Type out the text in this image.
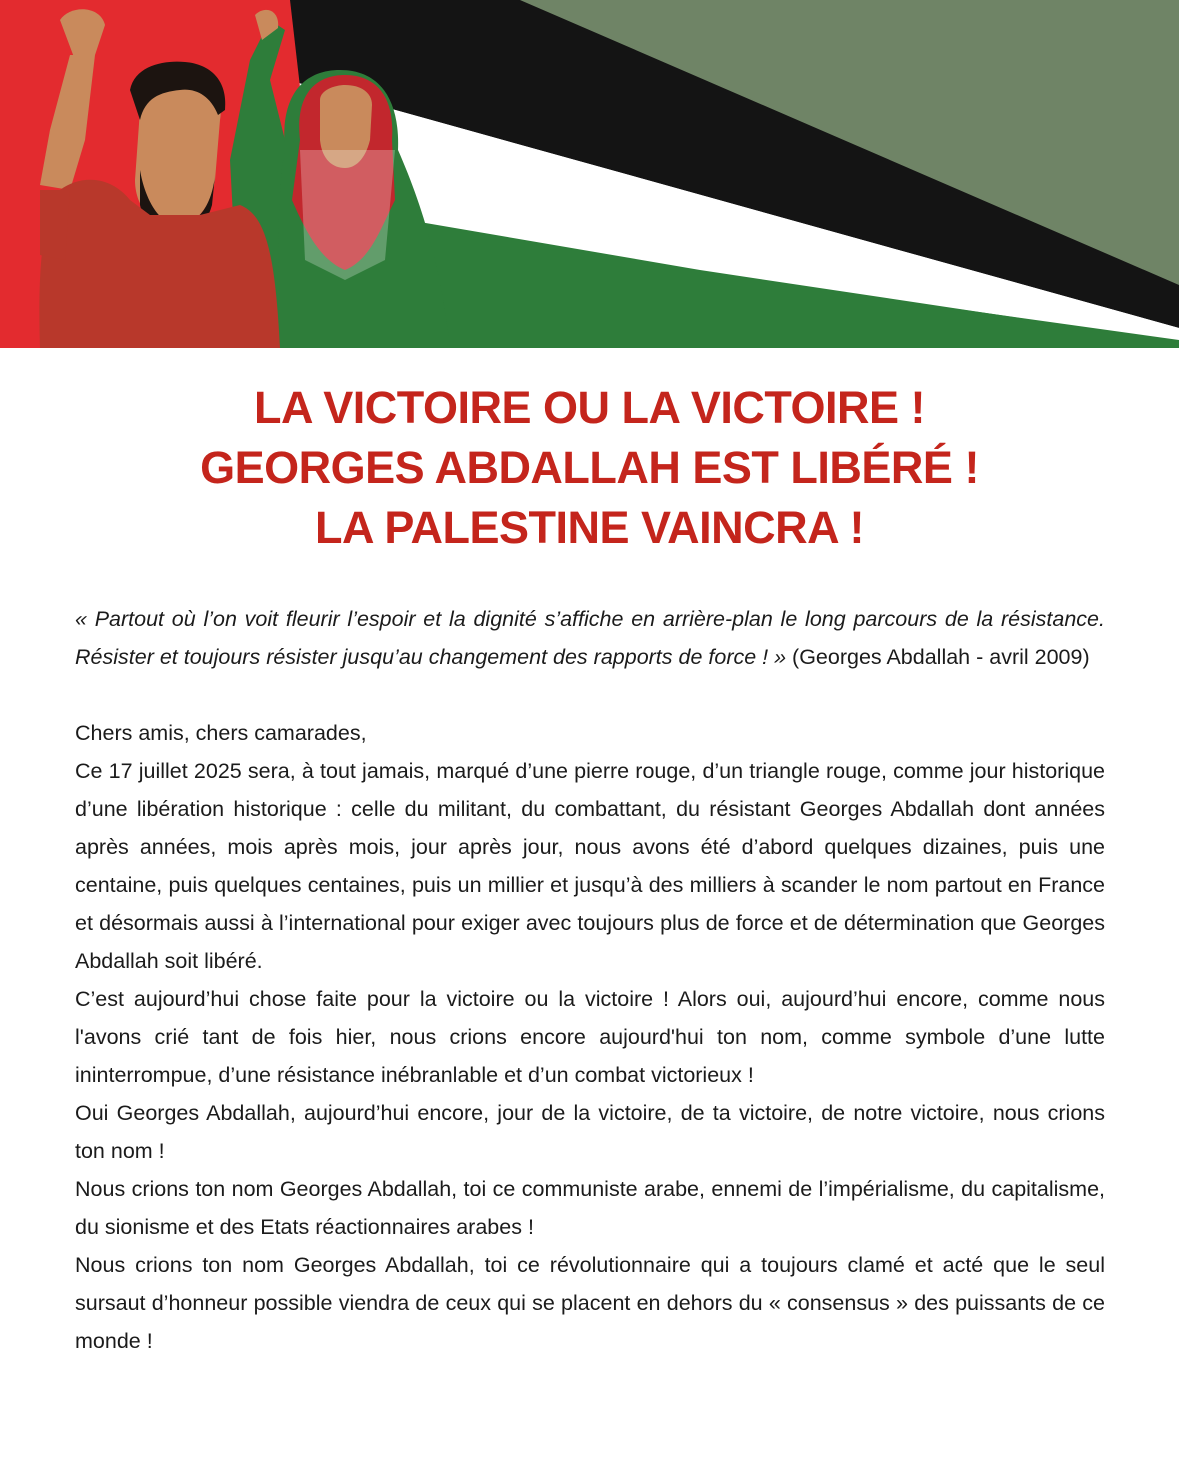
LA VICTOIRE OU LA VICTOIRE !
GEORGES ABDALLAH EST LIBÉRÉ !
LA PALESTINE VAINCRA !

« Partout où l’on voit fleurir l’espoir et la dignité s’affiche en arrière-plan le long parcours de la résistance. Résister et toujours résister jusqu’au changement des rapports de force ! » (Georges Abdallah - avril 2009)

Chers amis, chers camarades,

Ce 17 juillet 2025 sera, à tout jamais, marqué d’une pierre rouge, d’un triangle rouge, comme jour historique d’une libération historique : celle du militant, du combattant, du résistant Georges Abdallah dont années après années, mois après mois, jour après jour, nous avons été d’abord quelques dizaines, puis une centaine, puis quelques centaines, puis un millier et jusqu’à des milliers à scander le nom partout en France et désormais aussi à l’international pour exiger avec toujours plus de force et de détermination que Georges Abdallah soit libéré.

C’est aujourd’hui chose faite pour la victoire ou la victoire ! Alors oui, aujourd’hui encore, comme nous l'avons crié tant de fois hier, nous crions encore aujourd'hui ton nom, comme symbole d’une lutte ininterrompue, d’une résistance inébranlable et d’un combat victorieux !

Oui Georges Abdallah, aujourd’hui encore, jour de la victoire, de ta victoire, de notre victoire, nous crions ton nom !

Nous crions ton nom Georges Abdallah, toi ce communiste arabe, ennemi de l’impérialisme, du capitalisme, du sionisme et des Etats réactionnaires arabes !

Nous crions ton nom Georges Abdallah, toi ce révolutionnaire qui a toujours clamé et acté que le seul sursaut d’honneur possible viendra de ceux qui se placent en dehors du « consensus » des puissants de ce monde !
